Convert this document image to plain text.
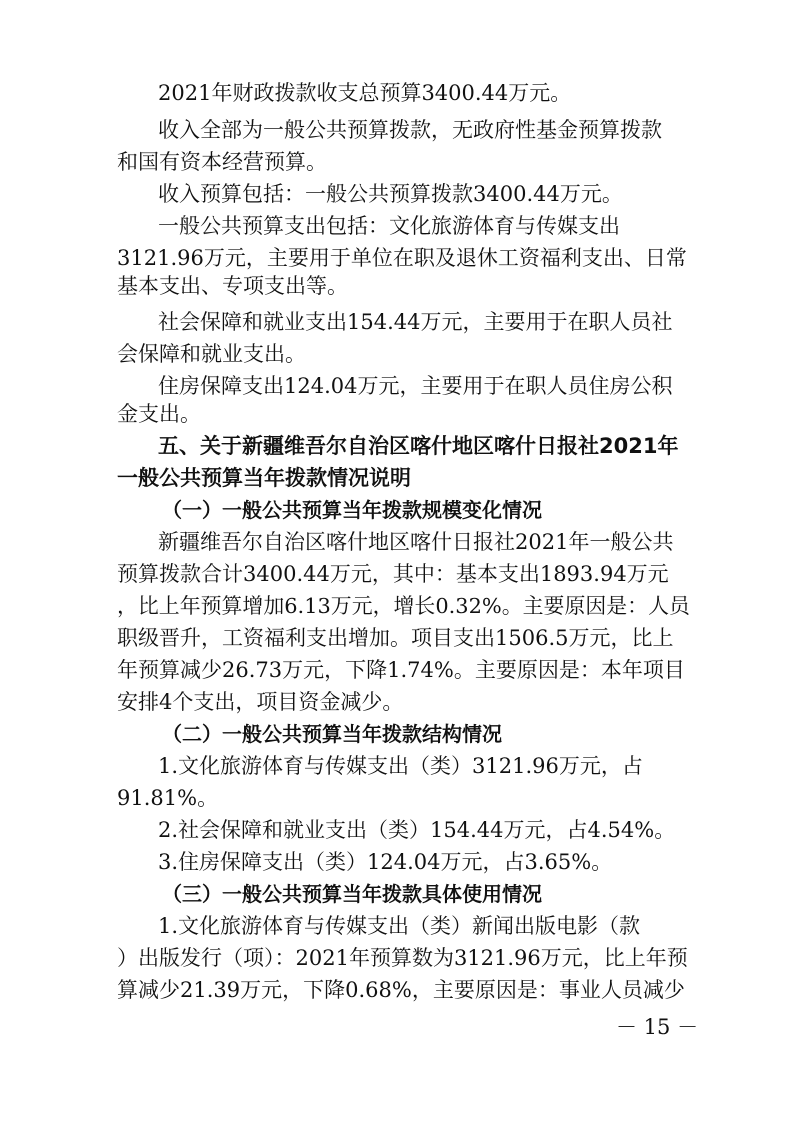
2021年财政拨款收支总预算3400.44万元。
收入全部为一般公共预算拨款，无政府性基金预算拨款
和国有资本经营预算。
收入预算包括：一般公共预算拨款3400.44万元。
一般公共预算支出包括：文化旅游体育与传媒支出
3121.96万元，主要用于单位在职及退休工资福利支出、日常
基本支出、专项支出等。
社会保障和就业支出154.44万元，主要用于在职人员社
会保障和就业支出。
住房保障支出124.04万元，主要用于在职人员住房公积
金支出。
五、关于新疆维吾尔自治区喀什地区喀什日报社2021年
一般公共预算当年拨款情况说明
（一）一般公共预算当年拨款规模变化情况
新疆维吾尔自治区喀什地区喀什日报社2021年一般公共
预算拨款合计3400.44万元，其中：基本支出1893.94万元
，比上年预算增加6.13万元，增长0.32%。主要原因是：人员
职级晋升，工资福利支出增加。项目支出1506.5万元，比上
年预算减少26.73万元，下降1.74%。主要原因是：本年项目
安排4个支出，项目资金减少。
（二）一般公共预算当年拨款结构情况
1.文化旅游体育与传媒支出（类）3121.96万元，占
91.81%。
2.社会保障和就业支出（类）154.44万元，占4.54%。
3.住房保障支出（类）124.04万元，占3.65%。
（三）一般公共预算当年拨款具体使用情况
1.文化旅游体育与传媒支出（类）新闻出版电影（款
）出版发行（项）：2021年预算数为3121.96万元，比上年预
算减少21.39万元，下降0.68%，主要原因是：事业人员减少
－ 15 －
